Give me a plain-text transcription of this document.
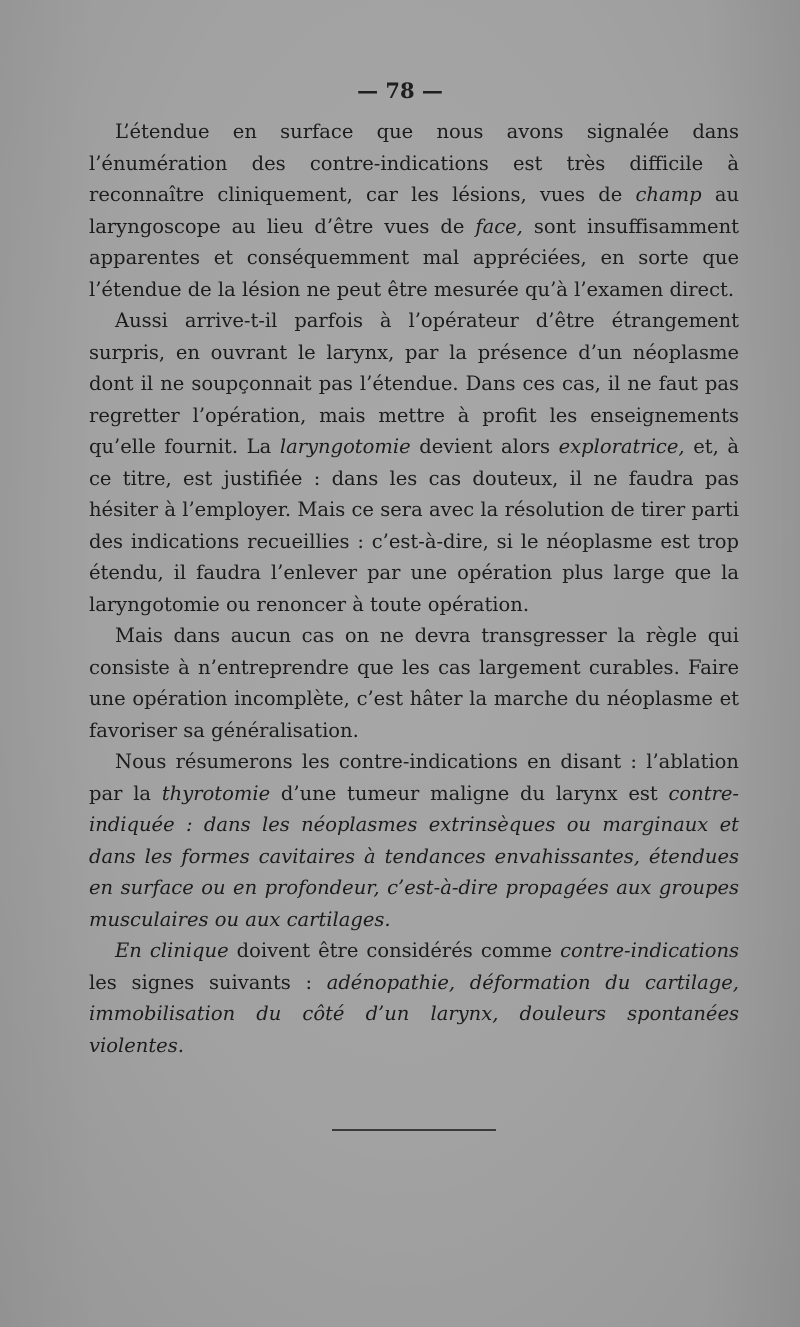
— 78 —

L’étendue en surface que nous avons signalée dans l’énumération des contre-indications est très difficile à reconnaître cliniquement, car les lésions, vues de champ au laryngoscope au lieu d’être vues de face, sont insuffisamment apparentes et conséquemment mal appréciées, en sorte que l’étendue de la lésion ne peut être mesurée qu’à l’examen direct.

Aussi arrive-t-il parfois à l’opérateur d’être étrangement surpris, en ouvrant le larynx, par la présence d’un néoplasme dont il ne soupçonnait pas l’étendue. Dans ces cas, il ne faut pas regretter l’opération, mais mettre à profit les enseignements qu’elle fournit. La laryngotomie devient alors exploratrice, et, à ce titre, est justifiée : dans les cas douteux, il ne faudra pas hésiter à l’employer. Mais ce sera avec la résolution de tirer parti des indications recueillies : c’est-à-dire, si le néoplasme est trop étendu, il faudra l’enlever par une opération plus large que la laryngotomie ou renoncer à toute opération.

Mais dans aucun cas on ne devra transgresser la règle qui consiste à n’entreprendre que les cas largement curables. Faire une opération incomplète, c’est hâter la marche du néoplasme et favoriser sa généralisation.

Nous résumerons les contre-indications en disant : l’ablation par la thyrotomie d’une tumeur maligne du larynx est contre-indiquée : dans les néoplasmes extrinsèques ou marginaux et dans les formes cavitaires à tendances envahissantes, étendues en surface ou en profondeur, c’est-à-dire propagées aux groupes musculaires ou aux cartilages.

En clinique doivent être considérés comme contre-indications les signes suivants : adénopathie, déformation du cartilage, immobilisation du côté d’un larynx, douleurs spontanées violentes.
